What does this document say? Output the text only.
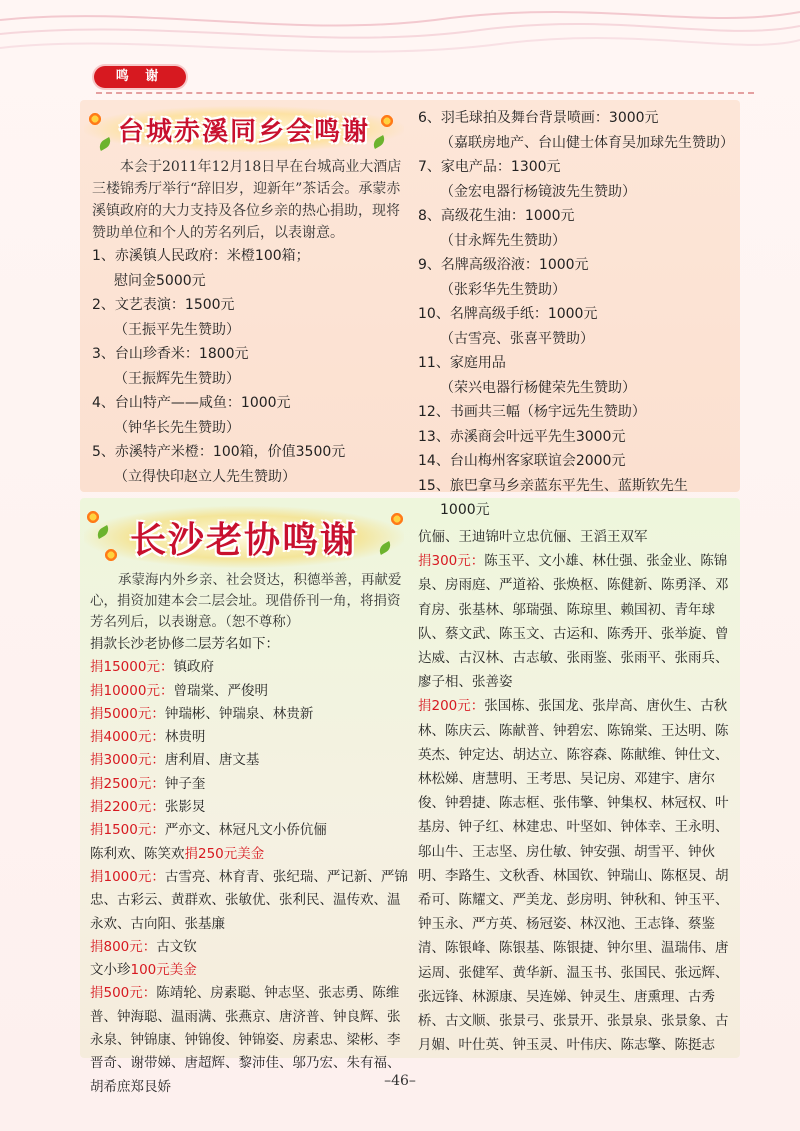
鸣 谢
台城赤溪同乡会鸣谢
长沙老协鸣谢

本会于2011年12月18日早在台城高业大酒店三楼锦秀厅举行“辞旧岁，迎新年”茶话会。承蒙赤溪镇政府的大力支持及各位乡亲的热心捐助，现将赞助单位和个人的芳名列后，以表谢意。

1、赤溪镇人民政府：米橙100箱；
慰问金5000元
2、文艺表演：1500元
（王振平先生赞助）
3、台山珍香米：1800元
（王振辉先生赞助）
4、台山特产——咸鱼：1000元
（钟华长先生赞助）
5、赤溪特产米橙：100箱，价值3500元
（立得快印赵立人先生赞助）
6、羽毛球拍及舞台背景喷画：3000元
（嘉联房地产、台山健士体育吴加球先生赞助）
7、家电产品：1300元
（金宏电器行杨镜波先生赞助）
8、高级花生油：1000元
（甘永辉先生赞助）
9、名牌高级浴液：1000元
（张彩华先生赞助）
10、名牌高级手纸：1000元
（古雪亮、张喜平赞助）
11、家庭用品
（荣兴电器行杨健荣先生赞助）
12、书画共三幅（杨宇远先生赞助）
13、赤溪商会叶远平先生3000元
14、台山梅州客家联谊会2000元
15、旅巴拿马乡亲蓝东平先生、蓝斯钦先生
1000元

承蒙海内外乡亲、社会贤达，积德举善，再献爱心，捐资加建本会二层会址。现借侨刊一角，将捐资芳名列后，以表谢意。（恕不尊称）

捐款长沙老协修二层芳名如下：
捐15000元：镇政府
捐10000元：曾瑞棠、严俊明
捐5000元：钟瑞彬、钟瑞泉、林贵新
捐4000元：林贵明
捐3000元：唐利眉、唐文基
捐2500元：钟子奎
捐2200元：张影炅
捐1500元：严亦文、林冠凡文小侨伉俪
陈利欢、陈笑欢捐250元美金
捐1000元：古雪亮、林育青、张纪瑞、严记新、严锦忠、古彩云、黄群欢、张敏优、张利民、温传欢、温永欢、古向阳、张基廉
捐800元：古文钦
文小珍100元美金
捐500元：陈靖轮、房素聪、钟志坚、张志勇、陈维普、钟海聪、温雨满、张燕京、唐济普、钟良辉、张永泉、钟锦康、钟锦俊、钟锦姿、房素忠、梁彬、李晋奇、谢带娣、唐超辉、黎沛佳、邬乃宏、朱有福、胡希庶郑艮娇
伉俪、王迪锦叶立忠伉俪、王滔王双军
捐300元：陈玉平、文小雄、林仕强、张金业、陈锦泉、房雨庭、严道裕、张焕枢、陈健新、陈勇泽、邓育房、张基林、邬瑞强、陈琼里、赖国初、青年球队、蔡文武、陈玉文、古运和、陈秀开、张举旋、曾达威、古汉林、古志敏、张雨鉴、张雨平、张雨兵、廖子相、张善姿
捐200元：张国栋、张国龙、张岸高、唐伙生、古秋林、陈庆云、陈献普、钟碧宏、陈锦棠、王达明、陈英杰、钟定达、胡达立、陈容森、陈献维、钟仕文、林松娣、唐慧明、王考思、吴记房、邓建宇、唐尔俊、钟碧捷、陈志框、张伟擎、钟集权、林冠权、叶基房、钟子红、林建忠、叶坚如、钟体幸、王永明、邬山牛、王志坚、房仕敏、钟安强、胡雪平、钟伙明、李路生、文秋香、林国钦、钟瑞山、陈枢炅、胡希可、陈耀文、严美龙、彭房明、钟秋和、钟玉平、钟玉永、严方英、杨冠姿、林汉池、王志锋、蔡鉴清、陈银峰、陈银基、陈银捷、钟尔里、温瑞伟、唐运周、张健军、黄华新、温玉书、张国民、张远辉、张远锋、林源康、吴连娣、钟灵生、唐熏理、古秀桥、古文顺、张景弓、张景开、张景泉、张景象、古月媚、叶仕英、钟玉灵、叶伟庆、陈志擎、陈挺志
–46–
